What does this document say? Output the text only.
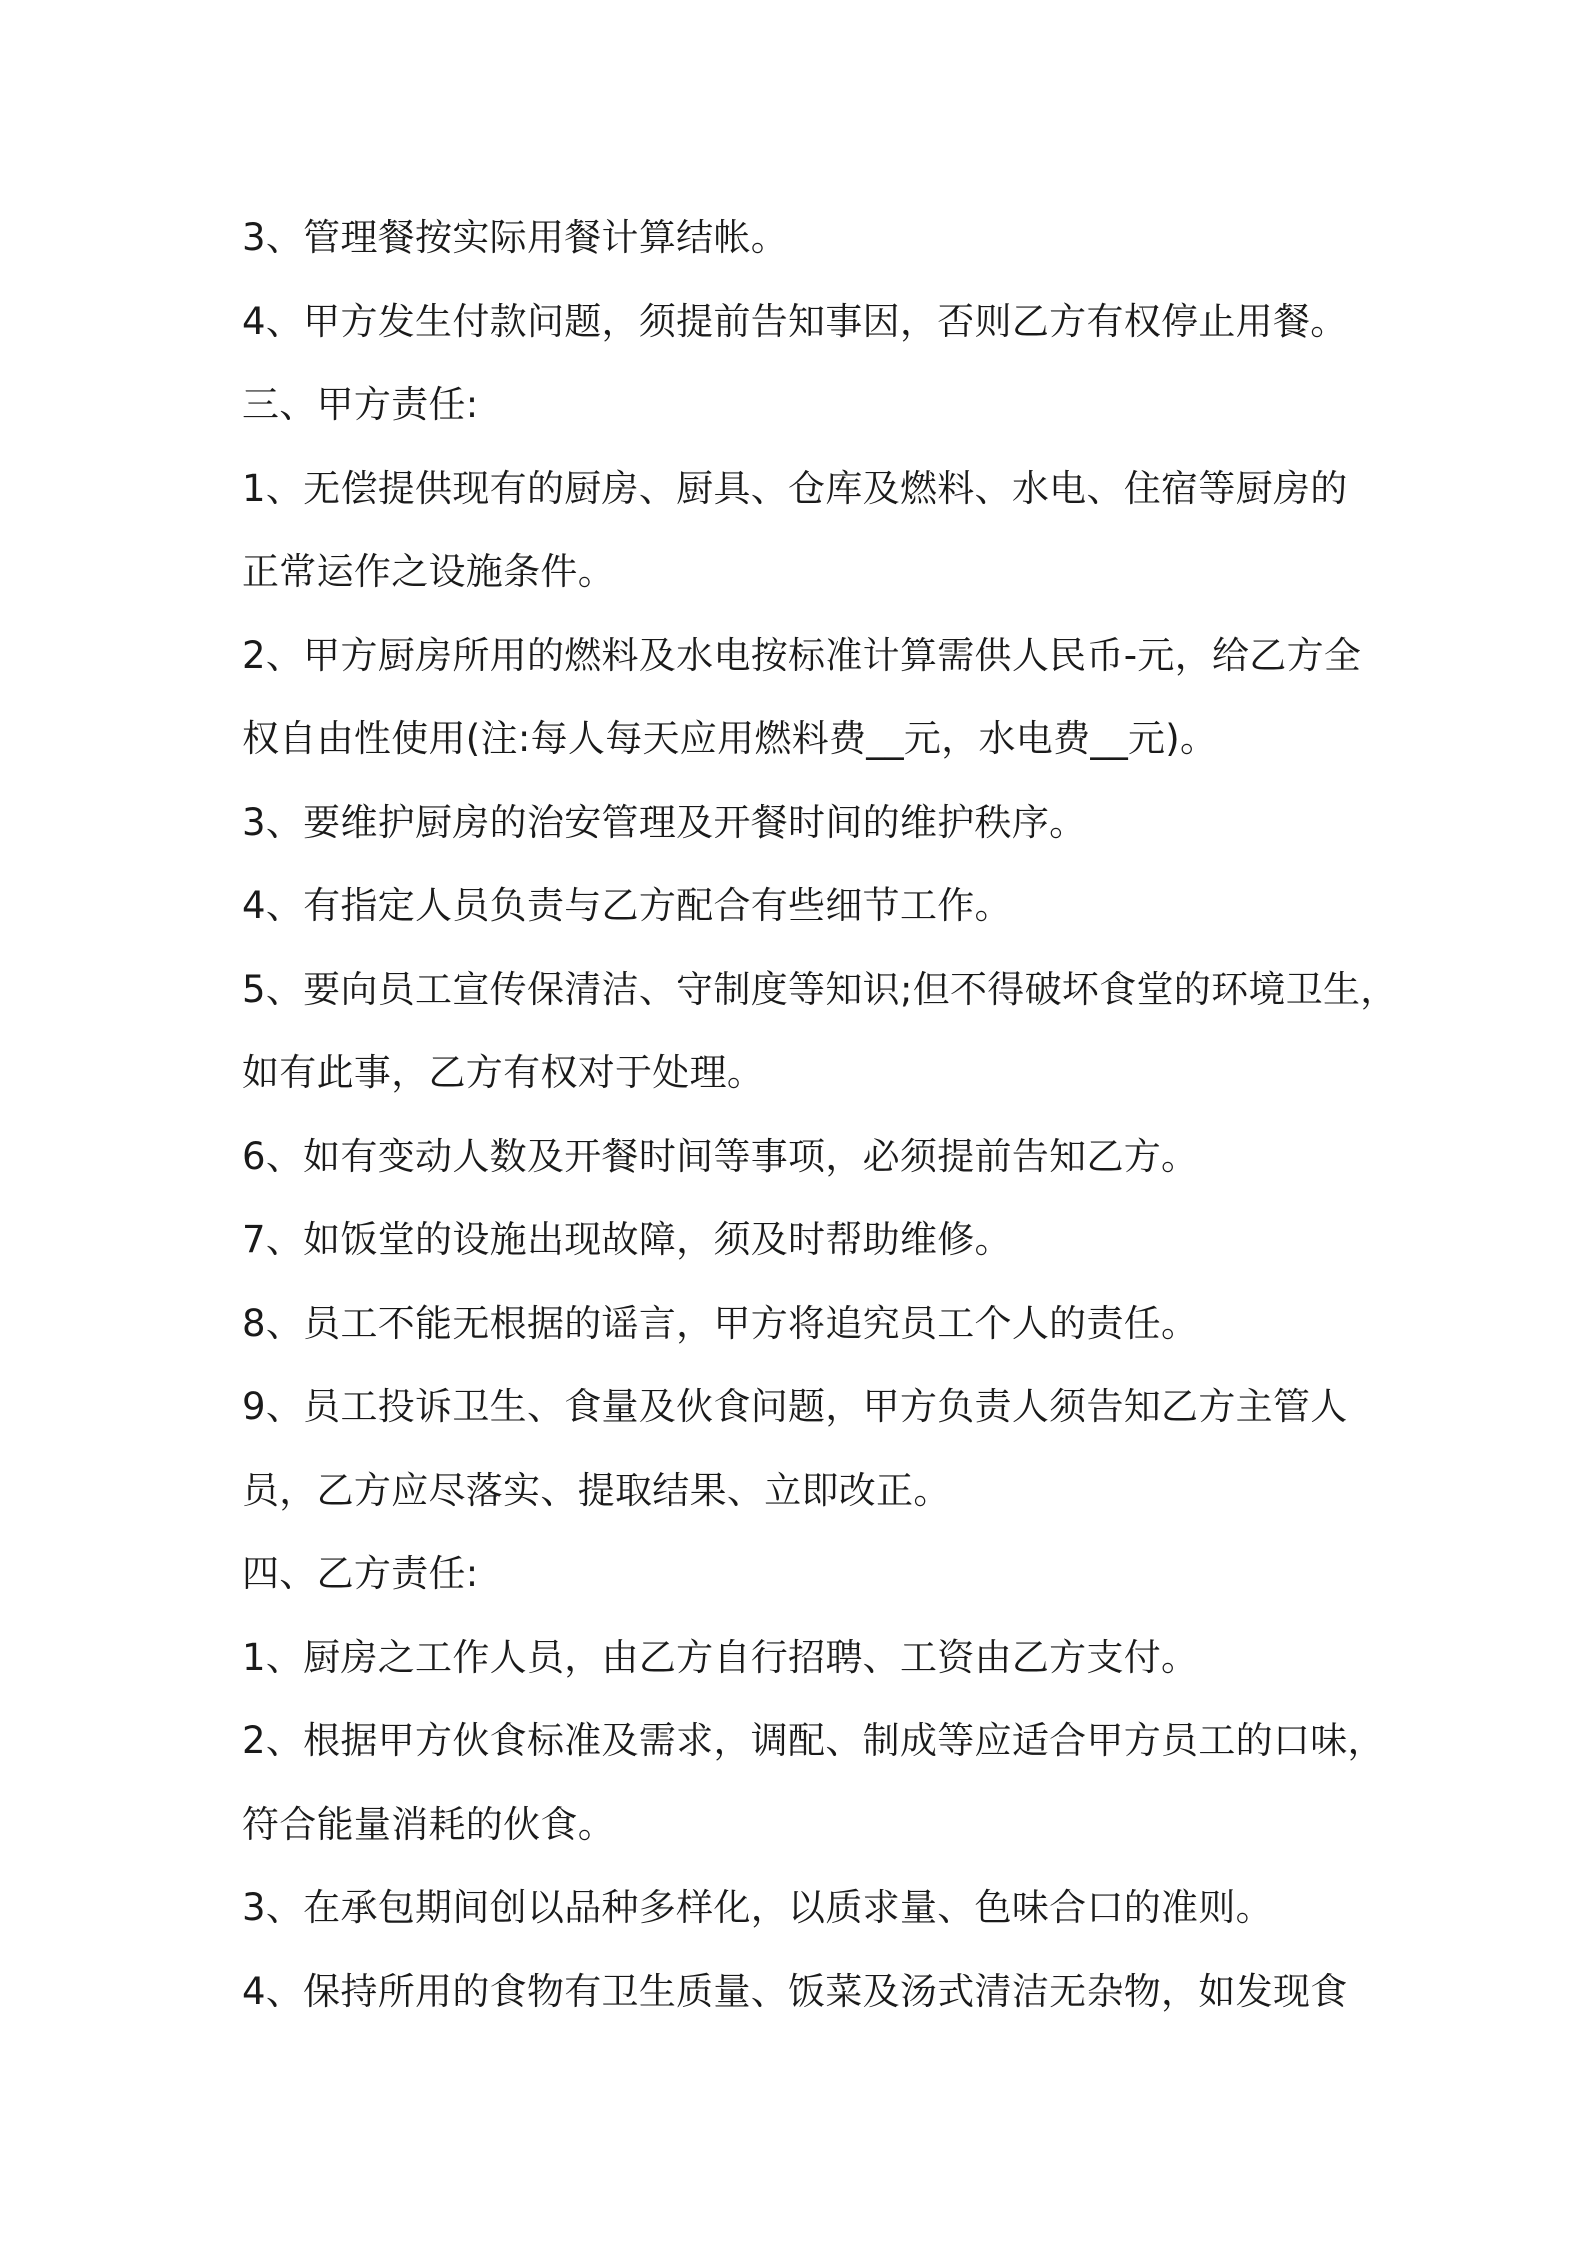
3、管理餐按实际用餐计算结帐。
4、甲方发生付款问题，须提前告知事因，否则乙方有权停止用餐。
三、甲方责任:
1、无偿提供现有的厨房、厨具、仓库及燃料、水电、住宿等厨房的
正常运作之设施条件。
2、甲方厨房所用的燃料及水电按标准计算需供人民币-元，给乙方全
权自由性使用(注:每人每天应用燃料费__元，水电费__元)。
3、要维护厨房的治安管理及开餐时间的维护秩序。
4、有指定人员负责与乙方配合有些细节工作。
5、要向员工宣传保清洁、守制度等知识;但不得破坏食堂的环境卫生，
如有此事，乙方有权对于处理。
6、如有变动人数及开餐时间等事项，必须提前告知乙方。
7、如饭堂的设施出现故障，须及时帮助维修。
8、员工不能无根据的谣言，甲方将追究员工个人的责任。
9、员工投诉卫生、食量及伙食问题，甲方负责人须告知乙方主管人
员，乙方应尽落实、提取结果、立即改正。
四、乙方责任:
1、厨房之工作人员，由乙方自行招聘、工资由乙方支付。
2、根据甲方伙食标准及需求，调配、制成等应适合甲方员工的口味，
符合能量消耗的伙食。
3、在承包期间创以品种多样化，以质求量、色味合口的准则。
4、保持所用的食物有卫生质量、饭菜及汤式清洁无杂物，如发现食
